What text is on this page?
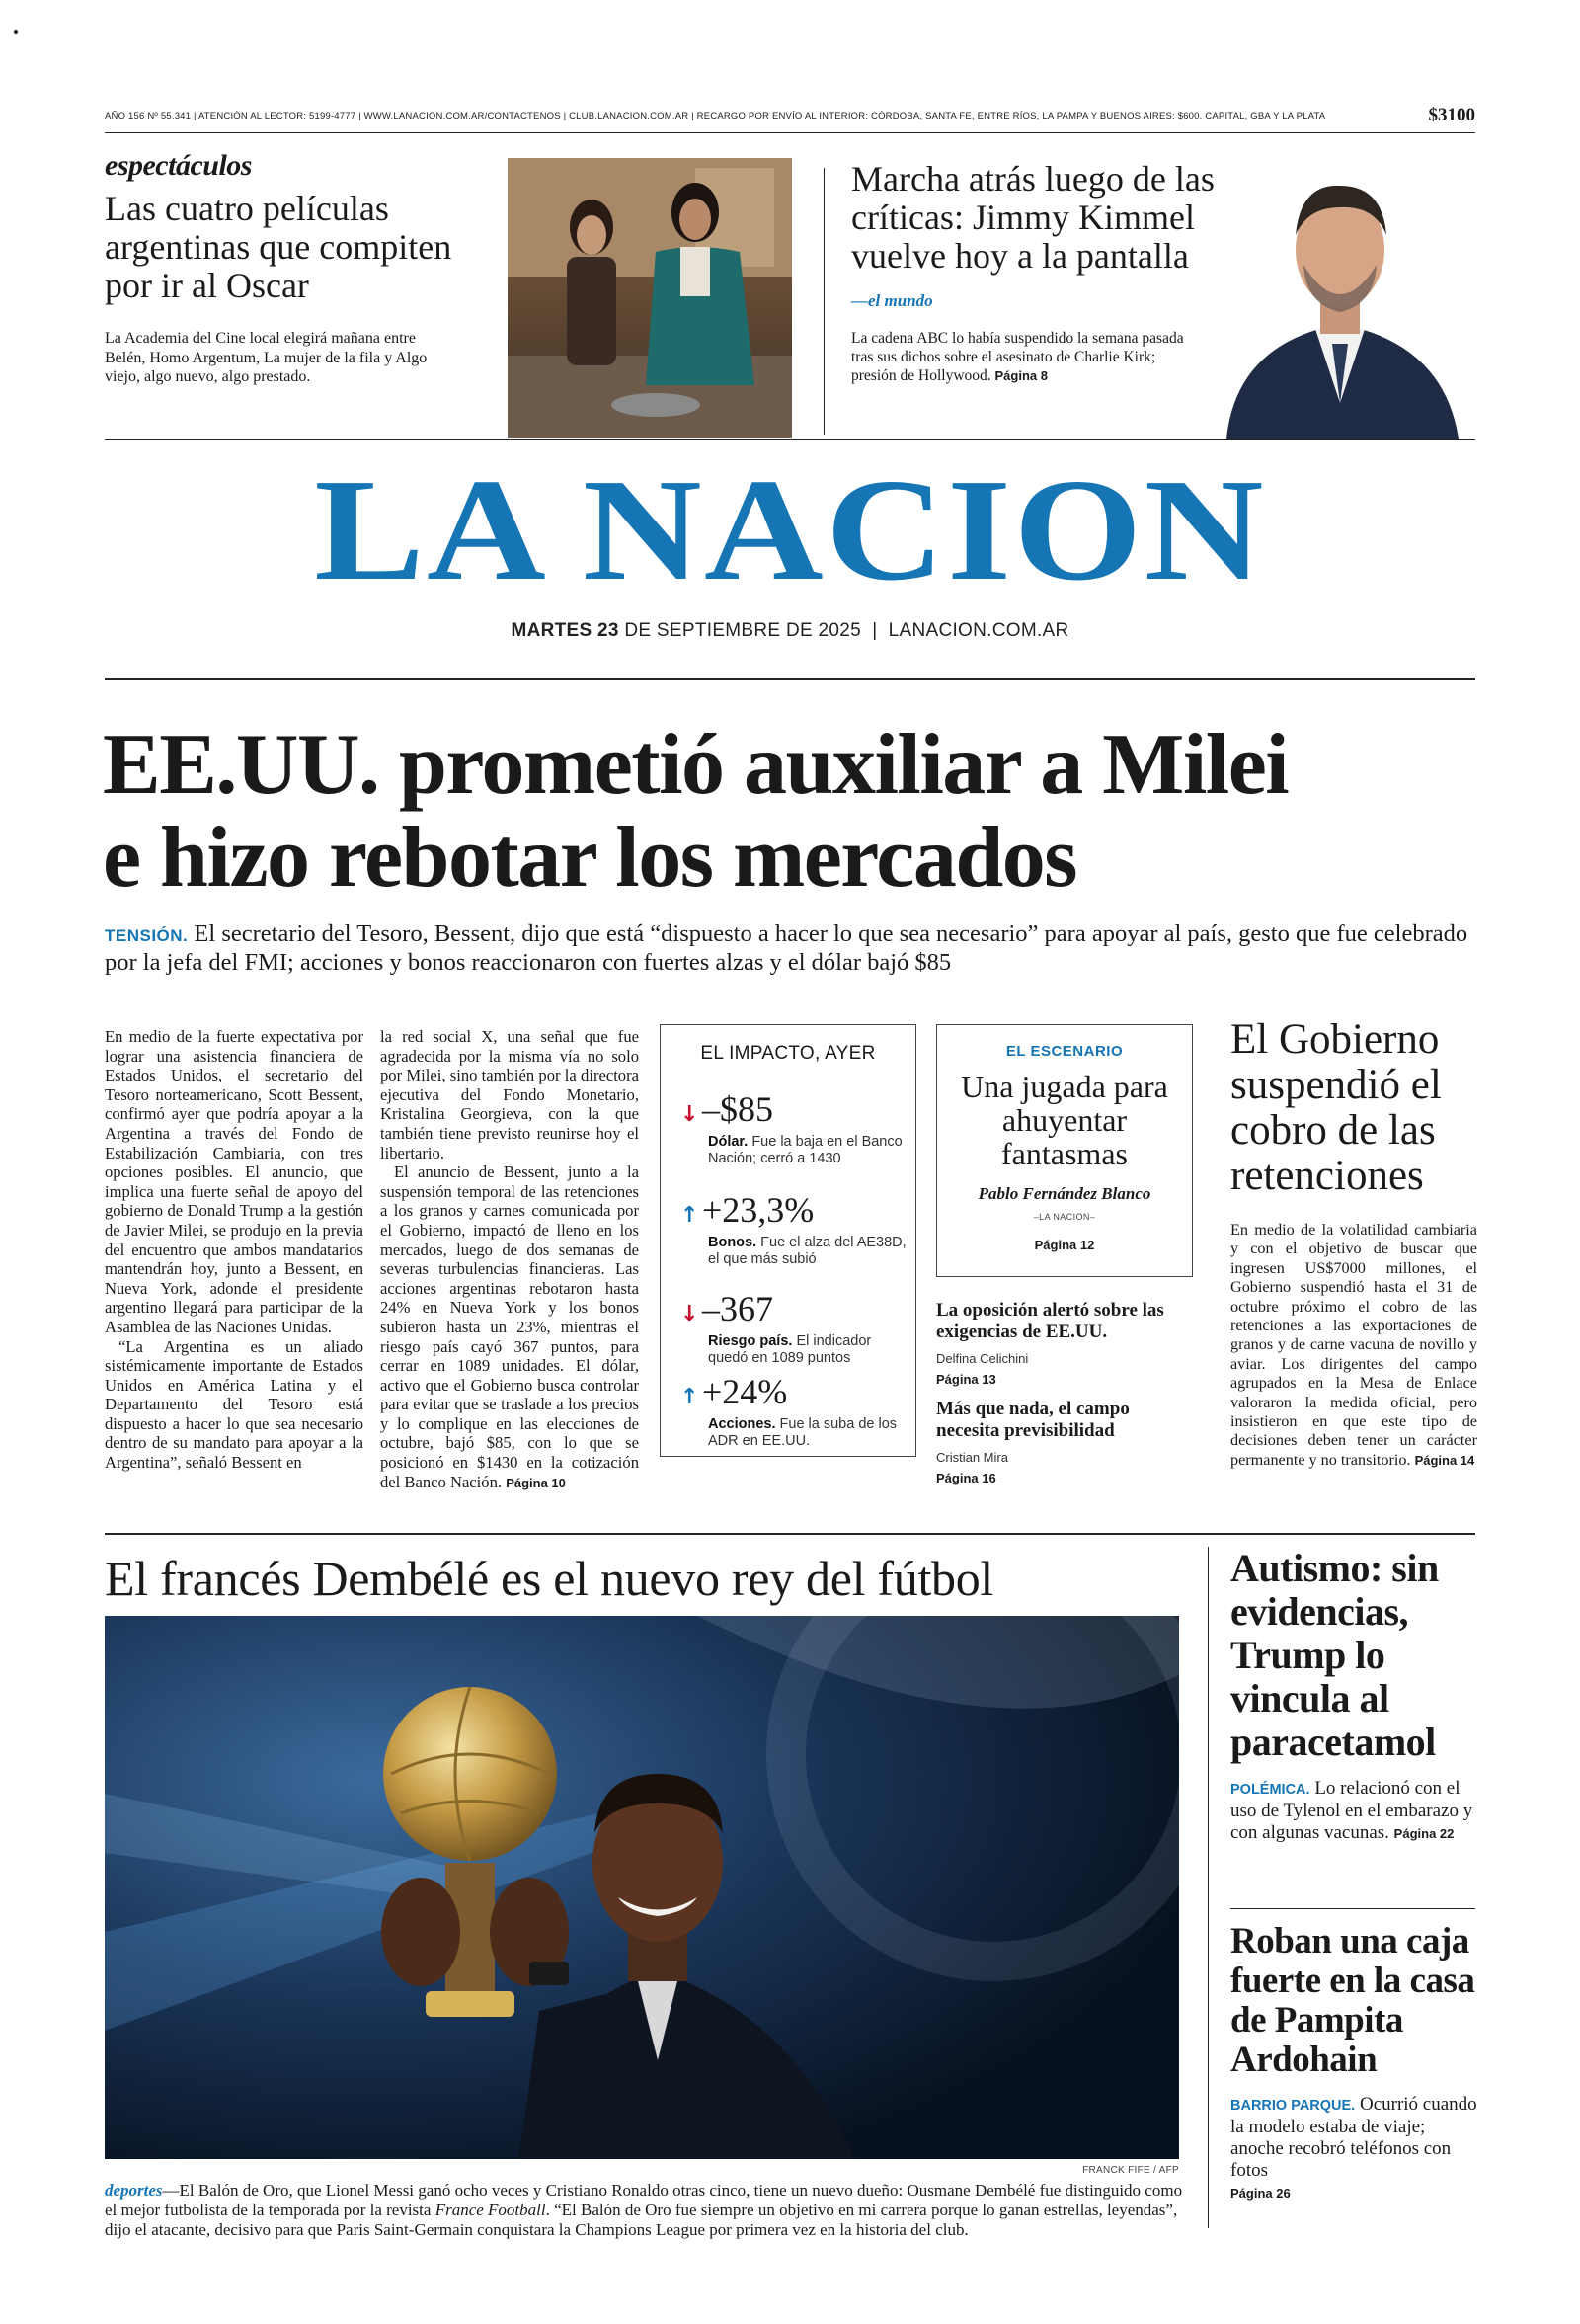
AÑO 156 Nº 55.341 | ATENCIÓN AL LECTOR: 5199-4777 | WWW.LANACION.COM.AR/CONTACTENOS | CLUB.LANACION.COM.AR | RECARGO POR ENVÍO AL INTERIOR: CÓRDOBA, SANTA FE, ENTRE RÍOS, LA PAMPA Y BUENOS AIRES: $600. CAPITAL, GBA Y LA PLATA	$3100
espectáculos
Las cuatro películas argentinas que compiten por ir al Oscar
La Academia del Cine local elegirá mañana entre Belén, Homo Argentum, La mujer de la fila y Algo viejo, algo nuevo, algo prestado.
Marcha atrás luego de las críticas: Jimmy Kimmel vuelve hoy a la pantalla
—el mundo
La cadena ABC lo había suspendido la semana pasada tras sus dichos sobre el asesinato de Charlie Kirk; presión de Hollywood. Página 8
LA NACION
MARTES 23 DE SEPTIEMBRE DE 2025 | LANACION.COM.AR
EE.UU. prometió auxiliar a Milei
e hizo rebotar los mercados
TENSIÓN. El secretario del Tesoro, Bessent, dijo que está “dispuesto a hacer lo que sea necesario” para apoyar al país, gesto que fue celebrado por la jefa del FMI; acciones y bonos reaccionaron con fuertes alzas y el dólar bajó $85

En medio de la fuerte expectativa por lograr una asistencia financiera de Estados Unidos, el secretario del Tesoro norteamericano, Scott Bessent, confirmó ayer que podría apoyar a la Argentina a través del Fondo de Estabilización Cambiaria, con tres opciones posibles. El anuncio, que implica una fuerte señal de apoyo del gobierno de Donald Trump a la gestión de Javier Milei, se produjo en la previa del encuentro que ambos mandatarios mantendrán hoy, junto a Bessent, en Nueva York, adonde el presidente argentino llegará para participar de la Asamblea de las Naciones Unidas.

“La Argentina es un aliado sistémicamente importante de Estados Unidos en América Latina y el Departamento del Tesoro está dispuesto a hacer lo que sea necesario dentro de su mandato para apoyar a la Argentina”, señaló Bessent en

la red social X, una señal que fue agradecida por la misma vía no solo por Milei, sino también por la directora ejecutiva del Fondo Monetario, Kristalina Georgieva, con la que también tiene previsto reunirse hoy el libertario.

El anuncio de Bessent, junto a la suspensión temporal de las retenciones a los granos y carnes comunicada por el Gobierno, impactó de lleno en los mercados, luego de dos semanas de severas turbulencias financieras. Las acciones argentinas rebotaron hasta 24% en Nueva York y los bonos subieron hasta un 23%, mientras el riesgo país cayó 367 puntos, para cerrar en 1089 unidades. El dólar, activo que el Gobierno busca controlar para evitar que se traslade a los precios y lo complique en las elecciones de octubre, bajó $85, con lo que se posicionó en $1430 en la cotización del Banco Nación. Página 10

EL IMPACTO, AYER
↓–$85
Dólar. Fue la baja en el Banco Nación; cerró a 1430
↑+23,3%
Bonos. Fue el alza del AE38D, el que más subió
↓–367
Riesgo país. El indicador quedó en 1089 puntos
↑+24%
Acciones. Fue la suba de los ADR en EE.UU.
EL ESCENARIO
Una jugada para ahuyentar fantasmas
Pablo Fernández Blanco
–LA NACION–
Página 12
La oposición alertó sobre las exigencias de EE.UU.
Delfina Celichini
Página 13
Más que nada, el campo necesita previsibilidad
Cristian Mira
Página 16
El Gobierno suspendió el cobro de las retenciones
En medio de la volatilidad cambiaria y con el objetivo de buscar que ingresen US$7000 millones, el Gobierno suspendió hasta el 31 de octubre próximo el cobro de las retenciones a las exportaciones de granos y de carne vacuna de novillo y aviar. Los dirigentes del campo agrupados en la Mesa de Enlace valoraron la medida oficial, pero insistieron en que este tipo de decisiones deben tener un carácter permanente y no transitorio. Página 14
El francés Dembélé es el nuevo rey del fútbol
FRANCK FIFE / AFP
deportes—El Balón de Oro, que Lionel Messi ganó ocho veces y Cristiano Ronaldo otras cinco, tiene un nuevo dueño: Ousmane Dembélé fue distinguido como el mejor futbolista de la temporada por la revista France Football. “El Balón de Oro fue siempre un objetivo en mi carrera porque lo ganan estrellas, leyendas”, dijo el atacante, decisivo para que Paris Saint-Germain conquistara la Champions League por primera vez en la historia del club.
Autismo: sin evidencias, Trump lo vincula al paracetamol
POLÉMICA. Lo relacionó con el uso de Tylenol en el embarazo y con algunas vacunas. Página 22
Roban una caja fuerte en la casa de Pampita Ardohain
BARRIO PARQUE. Ocurrió cuando la modelo estaba de viaje; anoche recobró teléfonos con fotos
Página 26
